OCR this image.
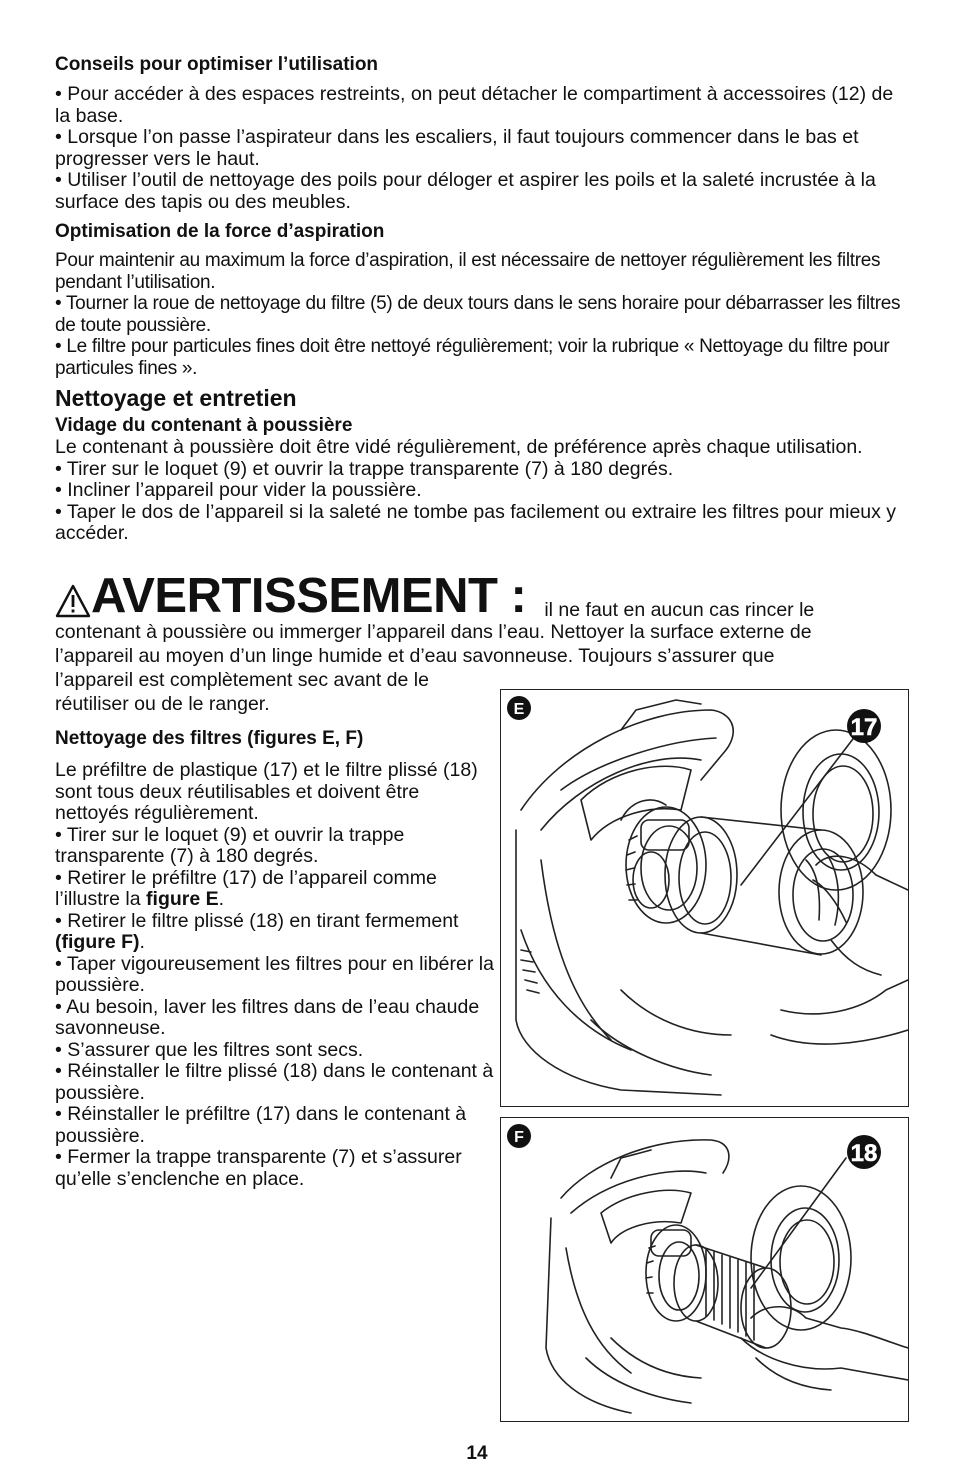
Conseils pour optimiser l’utilisation

• Pour accéder à des espaces restreints, on peut détacher le compartiment à accessoires (12) de la base.

• Lorsque l’on passe l’aspirateur dans les escaliers, il faut toujours commencer dans le bas et progresser vers le haut.

• Utiliser l’outil de nettoyage des poils pour déloger et aspirer les poils et la saleté incrustée à la surface des tapis ou des meubles.

Optimisation de la force d’aspiration

Pour maintenir au maximum la force d’aspiration, il est nécessaire de nettoyer régulièrement les filtres pendant l’utilisation.

• Tourner la roue de nettoyage du filtre (5) de deux tours dans le sens horaire pour débarrasser les filtres de toute poussière.

• Le filtre pour particules fines doit être nettoyé régulièrement; voir la rubrique « Nettoyage du filtre pour particules fines ».

Nettoyage et entretien

Vidage du contenant à poussière

Le contenant à poussière doit être vidé régulièrement, de préférence après chaque utilisation.

• Tirer sur le loquet (9) et ouvrir la trappe transparente (7) à 180 degrés.

• Incliner l’appareil pour vider la poussière.

• Taper le dos de l’appareil si la saleté ne tombe pas facilement ou extraire les filtres pour mieux y accéder.

AVERTISSEMENT : il ne faut en aucun cas rincer le
contenant à poussière ou immerger l’appareil dans l’eau. Nettoyer la surface externe de
l’appareil au moyen d’un linge humide et d’eau savonneuse. Toujours s’assurer que
l’appareil est complètement sec avant de le
réutiliser ou de le ranger.

Nettoyage des filtres (figures E, F)

Le préfiltre de plastique (17) et le filtre plissé (18) sont tous deux réutilisables et doivent être nettoyés régulièrement.

• Tirer sur le loquet (9) et ouvrir la trappe transparente (7) à 180 degrés.

• Retirer le préfiltre (17) de l’appareil comme l’illustre la figure E.

• Retirer le filtre plissé (18) en tirant fermement (figure F).

• Taper vigoureusement les filtres pour en libérer la poussière.

• Au besoin, laver les filtres dans de l’eau chaude savonneuse.

• S’assurer que les filtres sont secs.

• Réinstaller le filtre plissé (18) dans le contenant à poussière.

• Réinstaller le préfiltre (17) dans le contenant à poussière.

• Fermer la trappe transparente (7) et s’assurer qu’elle s’enclenche en place.

E
17
F
18
14
